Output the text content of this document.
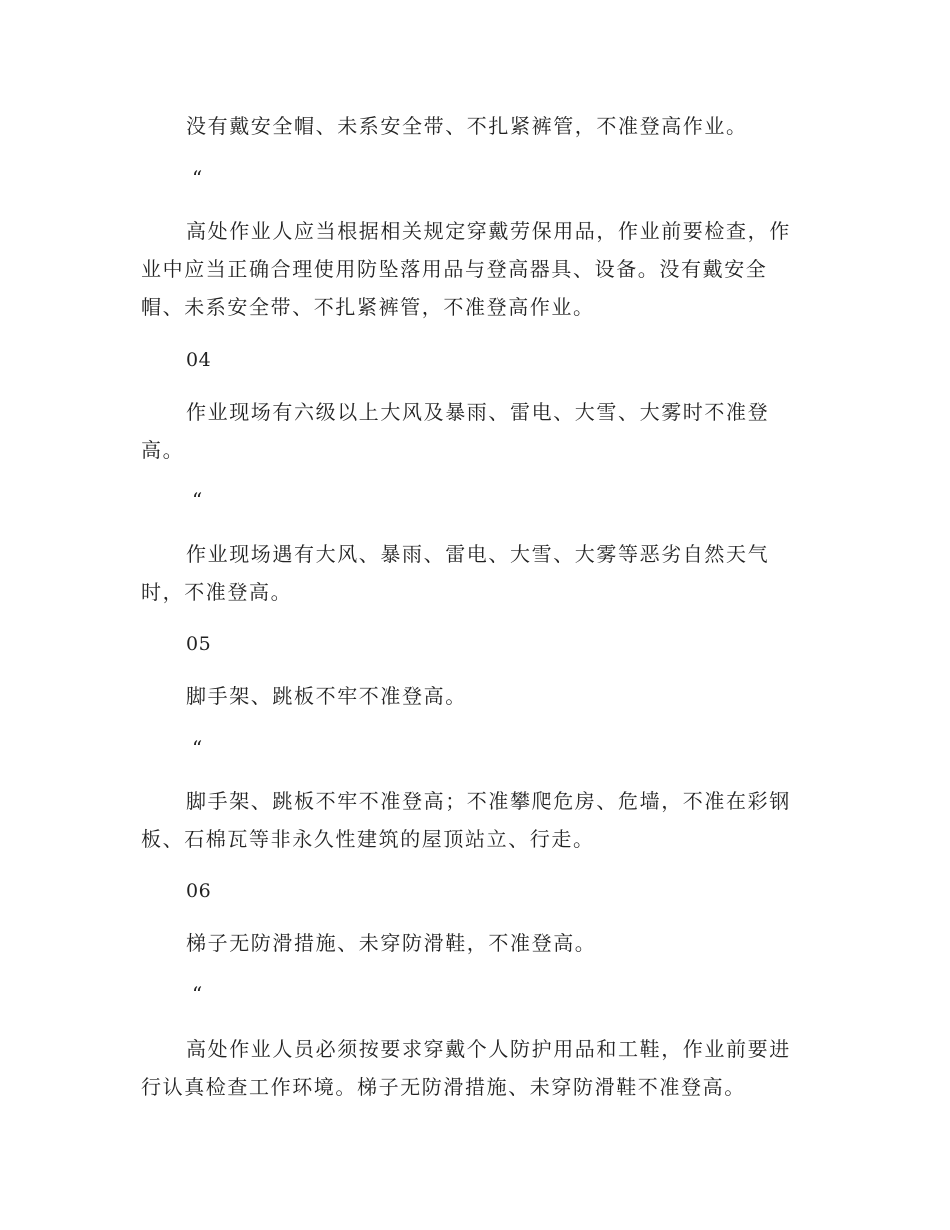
没有戴安全帽、未系安全带、不扎紧裤管，不准登高作业。

“

高处作业人应当根据相关规定穿戴劳保用品，作业前要检查，作业中应当正确合理使用防坠落用品与登高器具、设备。没有戴安全帽、未系安全带、不扎紧裤管，不准登高作业。

04

作业现场有六级以上大风及暴雨、雷电、大雪、大雾时不准登高。

“

作业现场遇有大风、暴雨、雷电、大雪、大雾等恶劣自然天气时，不准登高。

05

脚手架、跳板不牢不准登高。

“

脚手架、跳板不牢不准登高；不准攀爬危房、危墙，不准在彩钢板、石棉瓦等非永久性建筑的屋顶站立、行走。

06

梯子无防滑措施、未穿防滑鞋，不准登高。

“

高处作业人员必须按要求穿戴个人防护用品和工鞋，作业前要进行认真检查工作环境。梯子无防滑措施、未穿防滑鞋不准登高。
